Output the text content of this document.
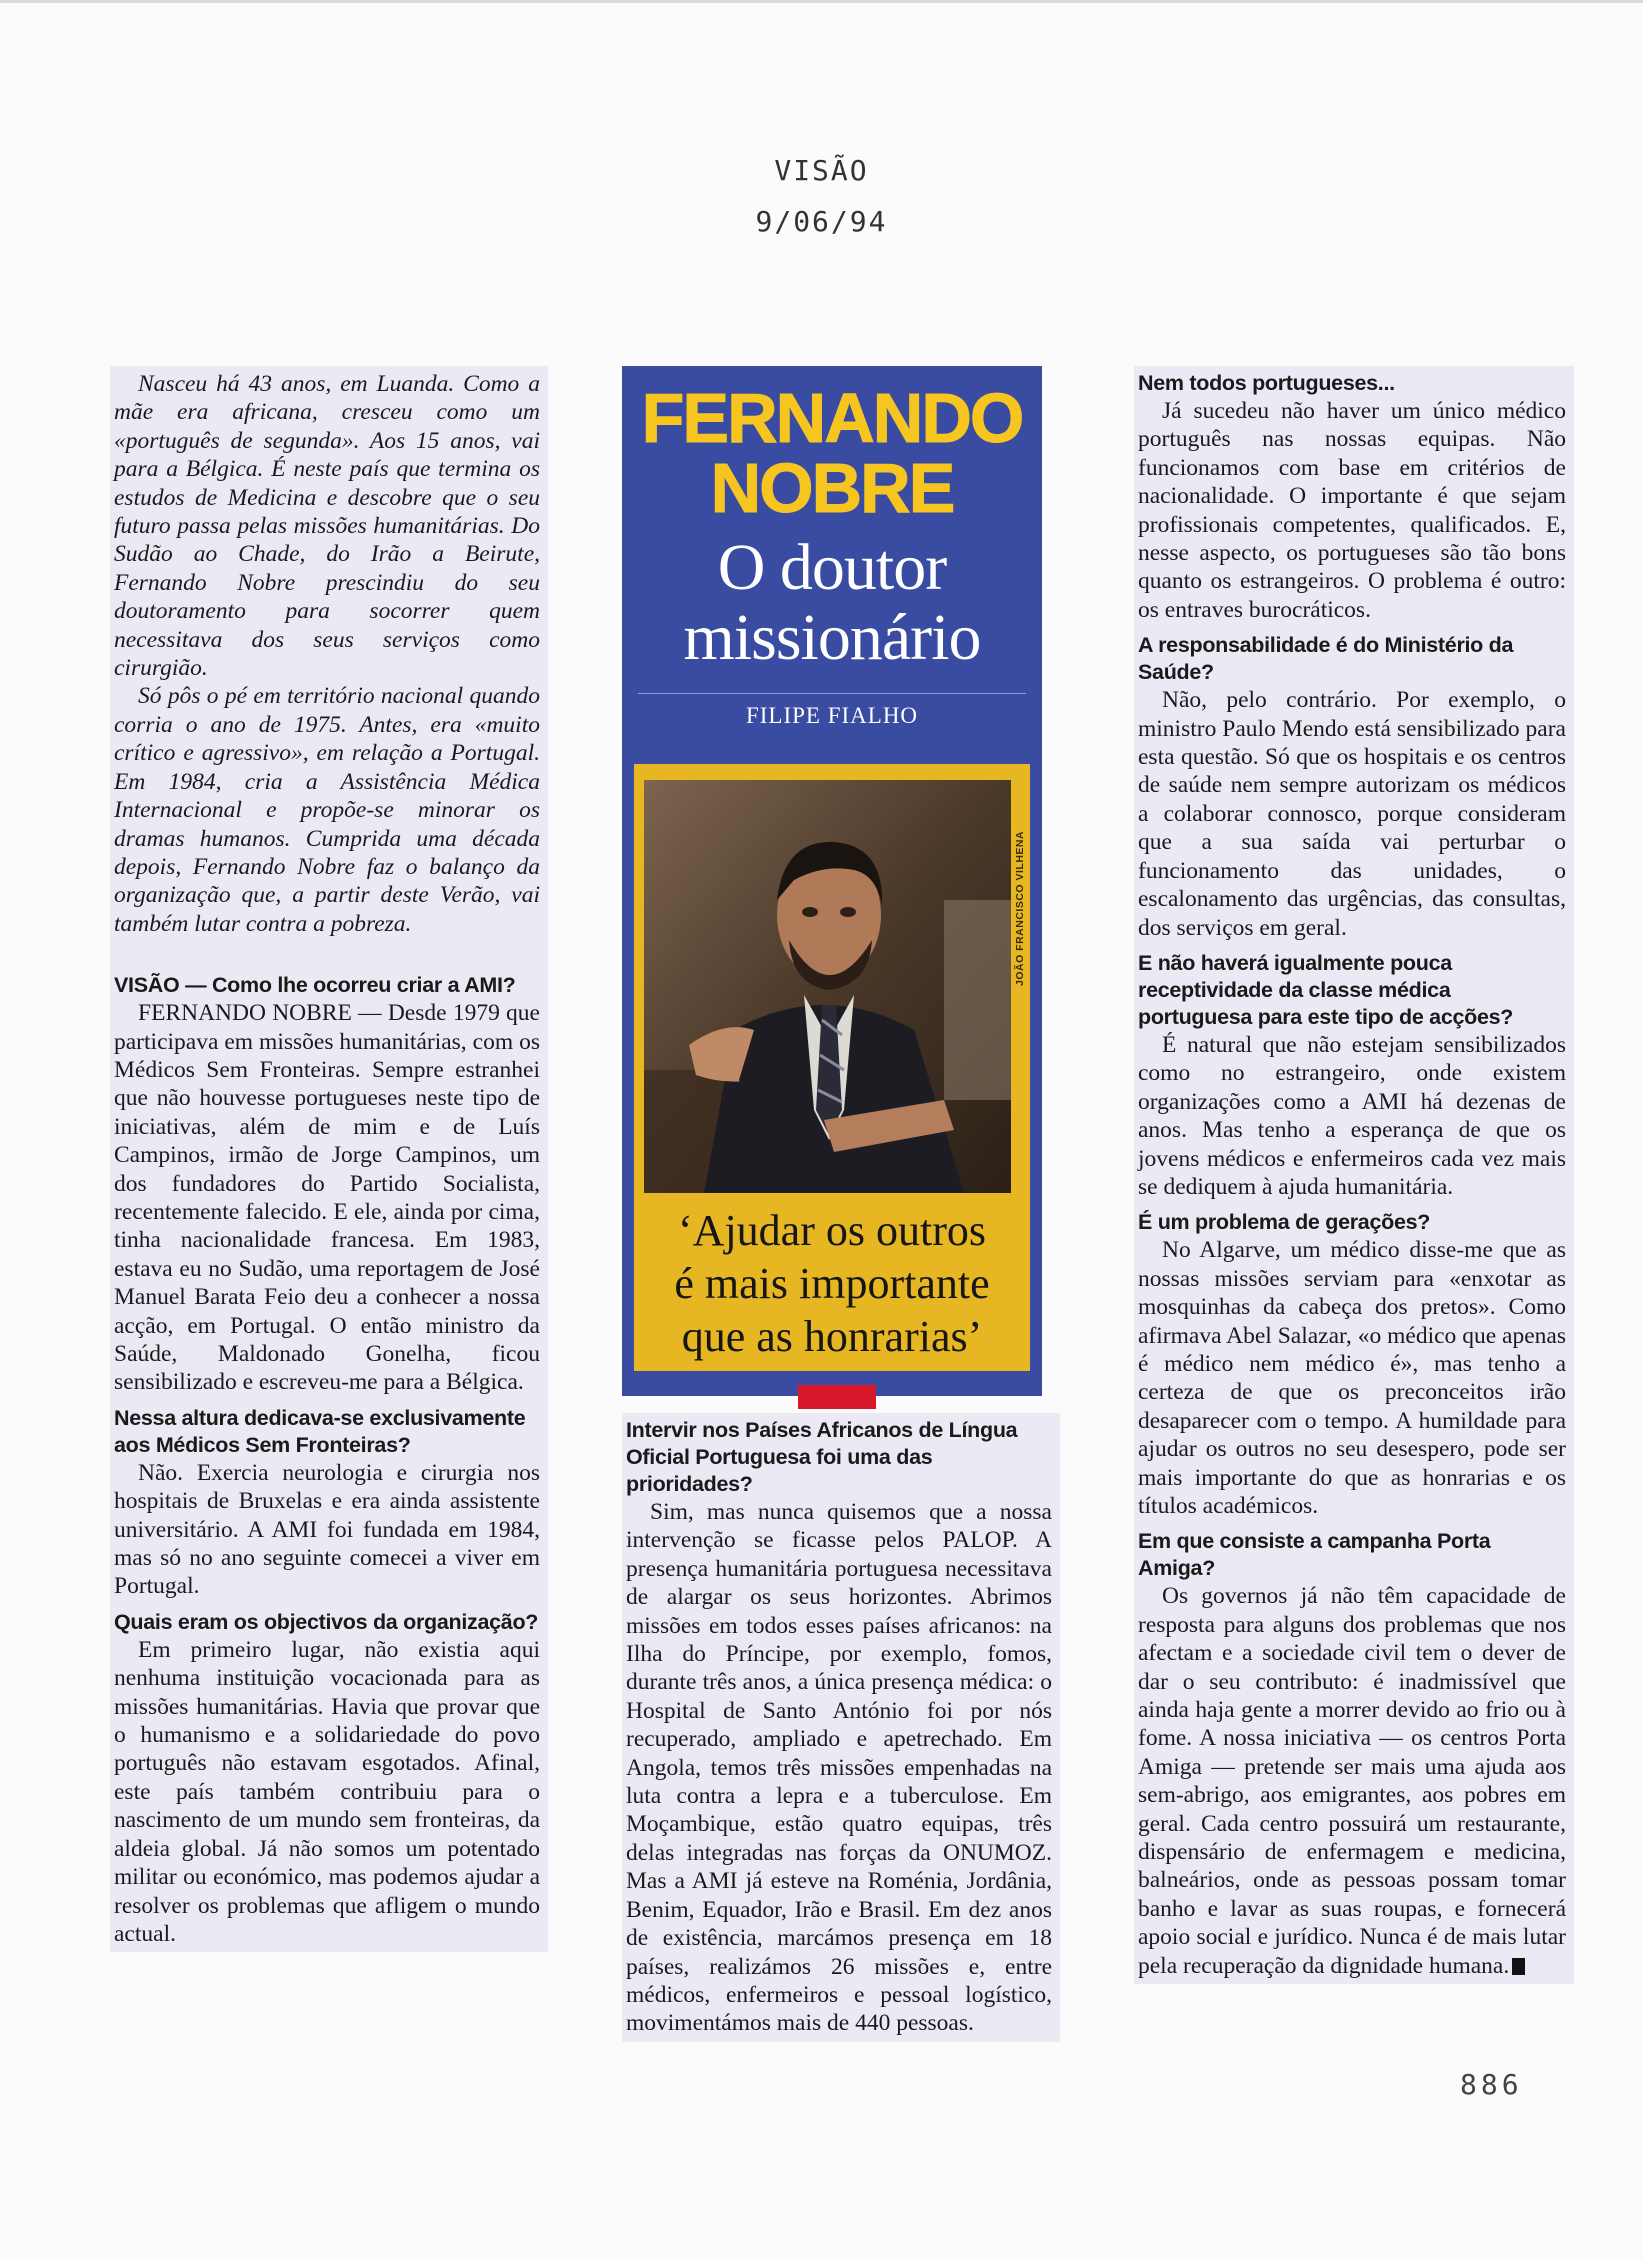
VISÃO
9/06/94

Nasceu há 43 anos, em Luanda. Como a mãe era africana, cresceu como um «português de segunda». Aos 15 anos, vai para a Bélgica. É neste país que termina os estudos de Medicina e descobre que o seu futuro passa pelas missões humanitárias. Do Sudão ao Chade, do Irão a Beirute, Fernando Nobre prescindiu do seu doutoramento para socorrer quem necessitava dos seus serviços como cirurgião.

Só pôs o pé em território nacional quando corria o ano de 1975. Antes, era «muito crítico e agressivo», em relação a Portugal. Em 1984, cria a Assistência Médica Internacional e propõe-se minorar os dramas humanos. Cumprida uma década depois, Fernando Nobre faz o balanço da organização que, a partir deste Verão, vai também lutar contra a pobreza.

VISÃO — Como lhe ocorreu criar a AMI?

FERNANDO NOBRE — Desde 1979 que participava em missões humanitárias, com os Médicos Sem Fronteiras. Sempre estranhei que não houvesse portugueses neste tipo de iniciativas, além de mim e de Luís Campinos, irmão de Jorge Campinos, um dos fundadores do Partido Socialista, recentemente falecido. E ele, ainda por cima, tinha nacionalidade francesa. Em 1983, estava eu no Sudão, uma reportagem de José Manuel Barata Feio deu a conhecer a nossa acção, em Portugal. O então ministro da Saúde, Maldonado Gonelha, ficou sensibilizado e escreveu-me para a Bélgica.

Nessa altura dedicava-se exclusivamente aos Médicos Sem Fronteiras?

Não. Exercia neurologia e cirurgia nos hospitais de Bruxelas e era ainda assistente universitário. A AMI foi fundada em 1984, mas só no ano seguinte comecei a viver em Portugal.

Quais eram os objectivos da organização?

Em primeiro lugar, não existia aqui nenhuma instituição vocacionada para as missões humanitárias. Havia que provar que o humanismo e a solidariedade do povo português não estavam esgotados. Afinal, este país também contribuiu para o nascimento de um mundo sem fronteiras, da aldeia global. Já não somos um potentado militar ou económico, mas podemos ajudar a resolver os problemas que afligem o mundo actual.

FERNANDO
NOBRE
O doutor
missionário
FILIPE FIALHO
JOÃO FRANCISCO VILHENA
‘Ajudar os outros
é mais importante
que as honrarias’

Intervir nos Países Africanos de Língua Oficial Portuguesa foi uma das prioridades?

Sim, mas nunca quisemos que a nossa intervenção se ficasse pelos PALOP. A presença humanitária portuguesa necessitava de alargar os seus horizontes. Abrimos missões em todos esses países africanos: na Ilha do Príncipe, por exemplo, fomos, durante três anos, a única presença médica: o Hospital de Santo António foi por nós recuperado, ampliado e apetrechado. Em Angola, temos três missões empenhadas na luta contra a lepra e a tuberculose. Em Moçambique, estão quatro equipas, três delas integradas nas forças da ONUMOZ. Mas a AMI já esteve na Roménia, Jordânia, Benim, Equador, Irão e Brasil. Em dez anos de existência, marcámos presença em 18 países, realizámos 26 missões e, entre médicos, enfermeiros e pessoal logístico, movimentámos mais de 440 pessoas.

Nem todos portugueses...

Já sucedeu não haver um único médico português nas nossas equipas. Não funcionamos com base em critérios de nacionalidade. O importante é que sejam profissionais competentes, qualificados. E, nesse aspecto, os portugueses são tão bons quanto os estrangeiros. O problema é outro: os entraves burocráticos.

A responsabilidade é do Ministério da Saúde?

Não, pelo contrário. Por exemplo, o ministro Paulo Mendo está sensibilizado para esta questão. Só que os hospitais e os centros de saúde nem sempre autorizam os médicos a colaborar connosco, porque consideram que a sua saída vai perturbar o funcionamento das unidades, o escalonamento das urgências, das consultas, dos serviços em geral.

E não haverá igualmente pouca receptividade da classe médica portuguesa para este tipo de acções?

É natural que não estejam sensibilizados como no estrangeiro, onde existem organizações como a AMI há dezenas de anos. Mas tenho a esperança de que os jovens médicos e enfermeiros cada vez mais se dediquem à ajuda humanitária.

É um problema de gerações?

No Algarve, um médico disse-me que as nossas missões serviam para «enxotar as mosquinhas da cabeça dos pretos». Como afirmava Abel Salazar, «o médico que apenas é médico nem médico é», mas tenho a certeza de que os preconceitos irão desaparecer com o tempo. A humildade para ajudar os outros no seu desespero, pode ser mais importante do que as honrarias e os títulos académicos.

Em que consiste a campanha Porta Amiga?

Os governos já não têm capacidade de resposta para alguns dos problemas que nos afectam e a sociedade civil tem o dever de dar o seu contributo: é inadmissível que ainda haja gente a morrer devido ao frio ou à fome. A nossa iniciativa — os centros Porta Amiga — pretende ser mais uma ajuda aos sem-abrigo, aos emigrantes, aos pobres em geral. Cada centro possuirá um restaurante, dispensário de enfermagem e medicina, balneários, onde as pessoas possam tomar banho e lavar as suas roupas, e fornecerá apoio social e jurídico. Nunca é de mais lutar pela recuperação da dignidade humana.

886
